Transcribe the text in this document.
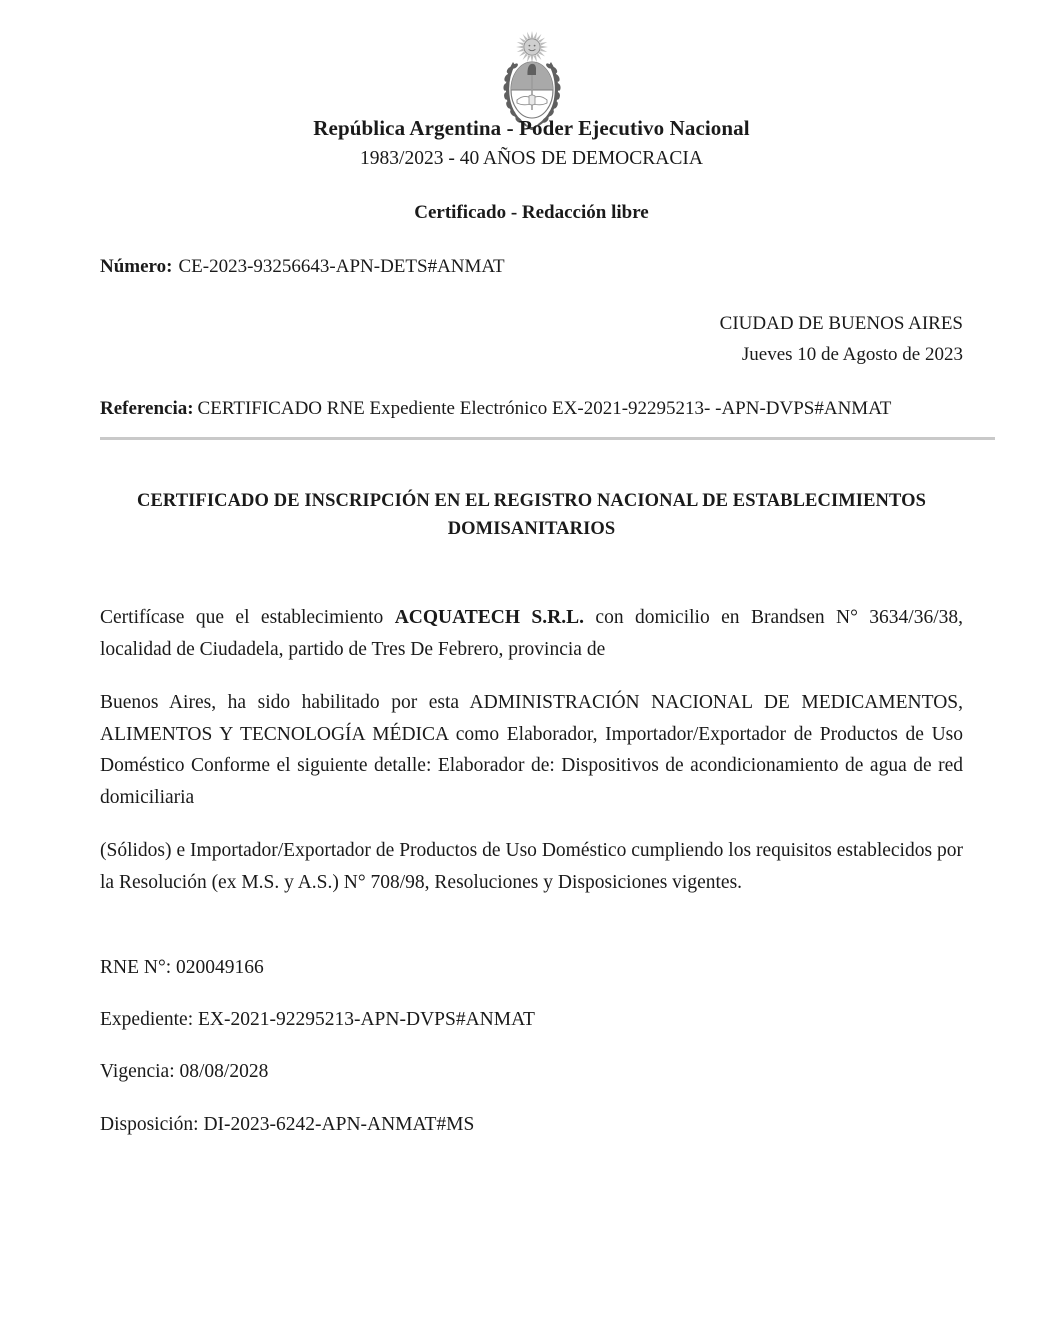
República Argentina - Poder Ejecutivo Nacional
1983/2023 - 40 AÑOS DE DEMOCRACIA
Certificado - Redacción libre
Número: CE-2023-93256643-APN-DETS#ANMAT
CIUDAD DE BUENOS AIRES
Jueves 10 de Agosto de 2023
Referencia: CERTIFICADO RNE Expediente Electrónico EX-2021-92295213- -APN-DVPS#ANMAT
CERTIFICADO DE INSCRIPCIÓN EN EL REGISTRO NACIONAL DE ESTABLECIMIENTOS DOMISANITARIOS

Certifícase que el establecimiento ACQUATECH S.R.L. con domicilio en Brandsen N° 3634/36/38, localidad de Ciudadela, partido de Tres De Febrero, provincia de

Buenos Aires, ha sido habilitado por esta ADMINISTRACIÓN NACIONAL DE MEDICAMENTOS, ALIMENTOS Y TECNOLOGÍA MÉDICA como Elaborador, Importador/Exportador de Productos de Uso Doméstico Conforme el siguiente detalle: Elaborador de: Dispositivos de acondicionamiento de agua de red domiciliaria

(Sólidos) e Importador/Exportador de Productos de Uso Doméstico cumpliendo los requisitos establecidos por la Resolución (ex M.S. y A.S.) N° 708/98, Resoluciones y Disposiciones vigentes.

RNE N°: 020049166
Expediente: EX-2021-92295213-APN-DVPS#ANMAT
Vigencia: 08/08/2028
Disposición: DI-2023-6242-APN-ANMAT#MS
